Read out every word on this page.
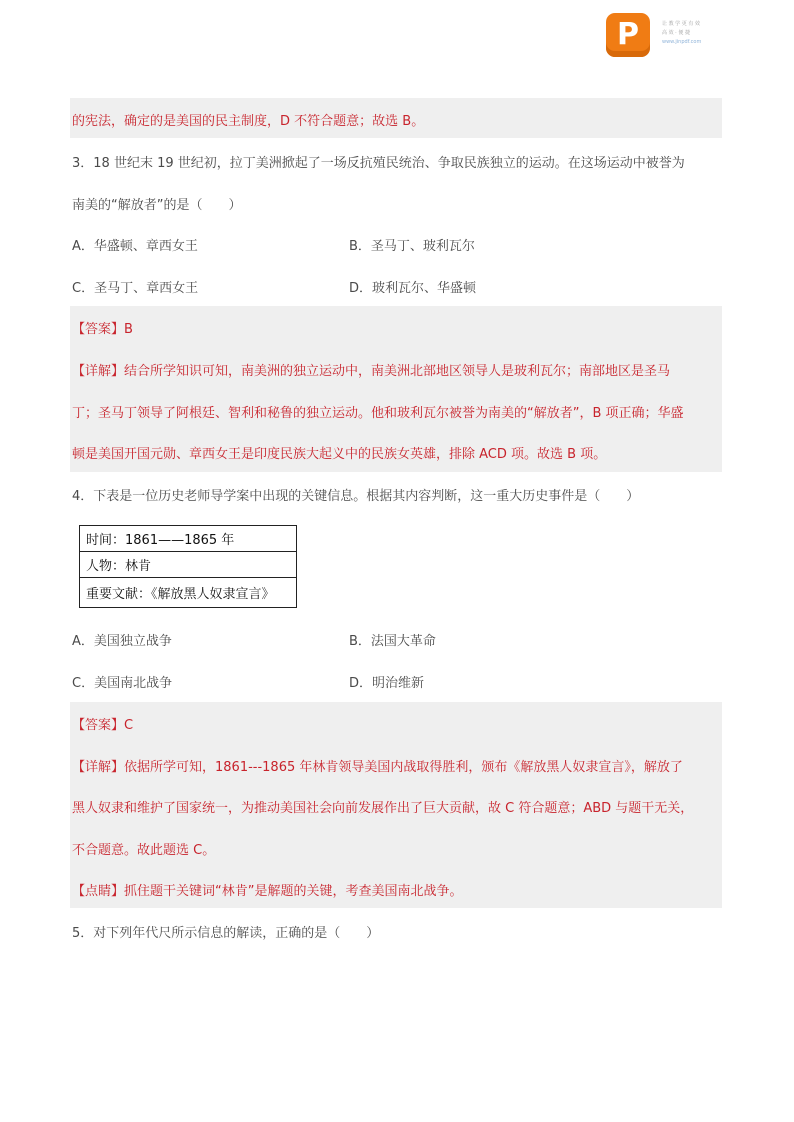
P	让 教 学 更 有 效
高 效 · 便 捷
www.jinpdf.com
的宪法，确定的是美国的民主制度，D 不符合题意；故选 B。
3．18 世纪末 19 世纪初，拉丁美洲掀起了一场反抗殖民统治、争取民族独立的运动。在这场运动中被誉为
南美的“解放者”的是（　　）
A．华盛顿、章西女王	B．圣马丁、玻利瓦尔
C．圣马丁、章西女王	D．玻利瓦尔、华盛顿
【答案】B
【详解】结合所学知识可知，南美洲的独立运动中，南美洲北部地区领导人是玻利瓦尔；南部地区是圣马
丁；圣马丁领导了阿根廷、智利和秘鲁的独立运动。他和玻利瓦尔被誉为南美的“解放者”，B 项正确；华盛
顿是美国开国元勋、章西女王是印度民族大起义中的民族女英雄，排除 ACD 项。故选 B 项。
4．下表是一位历史老师导学案中出现的关键信息。根据其内容判断，这一重大历史事件是（　　）
时间：1861——1865 年
人物：林肯
重要文献：《解放黑人奴隶宣言》
A．美国独立战争	B．法国大革命
C．美国南北战争	D．明治维新
【答案】C
【详解】依据所学可知，1861---1865 年林肯领导美国内战取得胜利，颁布《解放黑人奴隶宣言》，解放了
黑人奴隶和维护了国家统一，为推动美国社会向前发展作出了巨大贡献，故 C 符合题意；ABD 与题干无关，
不合题意。故此题选 C。
【点睛】抓住题干关键词“林肯”是解题的关键，考查美国南北战争。
5．对下列年代尺所示信息的解读，正确的是（　　）
